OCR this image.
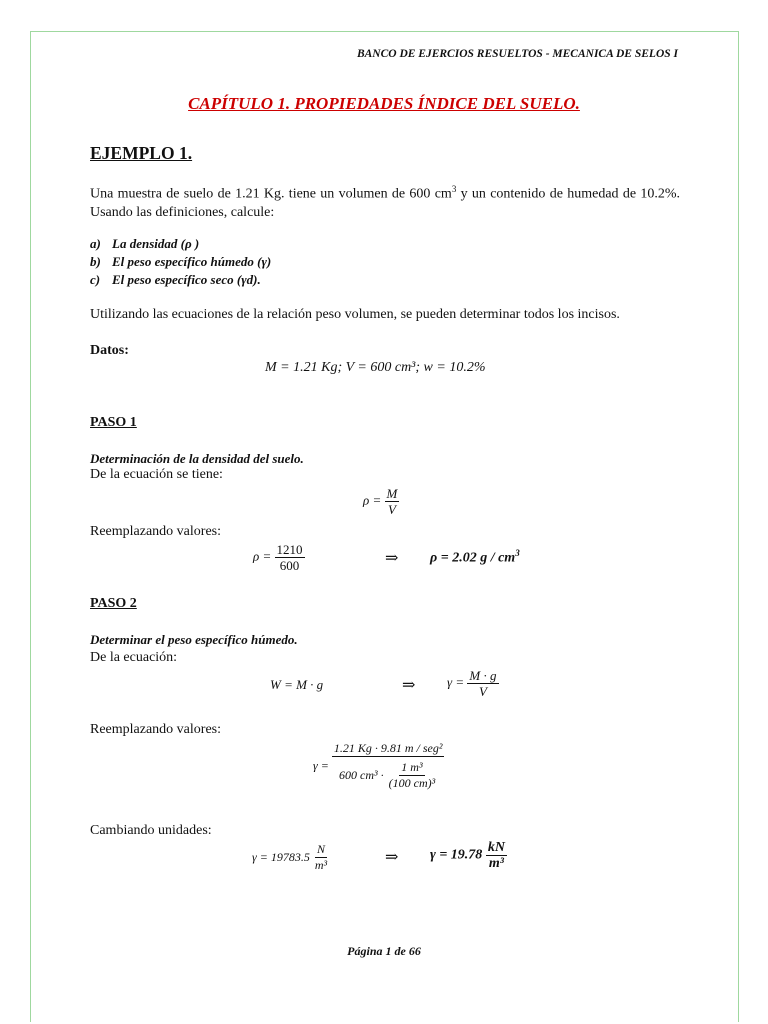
BANCO DE EJERCIOS RESUELTOS - MECANICA DE SELOS I
CAPÍTULO 1. PROPIEDADES ÍNDICE DEL SUELO.
EJEMPLO 1.
Una muestra de suelo de 1.21 Kg. tiene un volumen de 600 $cm^3$ y un contenido de humedad de 10.2%. Usando las definiciones, calcule:
a) La densidad (ρ )
b) El peso específico húmedo (γ)
c) El peso específico seco (γd).
Utilizando las ecuaciones de la relación peso volumen, se pueden determinar todos los incisos.
Datos:
M = 1.21 Kg; V = 600 cm³; w = 10.2%
PASO 1
Determinación de la densidad del suelo.
De la ecuación se tiene:
$\rho = \frac{M}{V}$
Reemplazando valores:
$\rho = \frac{1210}{600}$	⇒ ρ = 2.02 g / $cm^3$
PASO 2
Determinar el peso específico húmedo.
De la ecuación:
W = M · g	⇒ $\gamma = \frac{M \cdot g}{V}$
Reemplazando valores:
γ = 1.21 Kg · 9.81 m / seg²
600 cm³ ·
$\frac{\text{1 m³}}{\text{(100 cm)³}}$
Cambiando unidades:
$\gamma = 19783.5 \frac{N}{\text{m³}}$	⇒ $\gamma = 19.78 \frac{kN}{\text{m³}}$
Página 1 de 66
